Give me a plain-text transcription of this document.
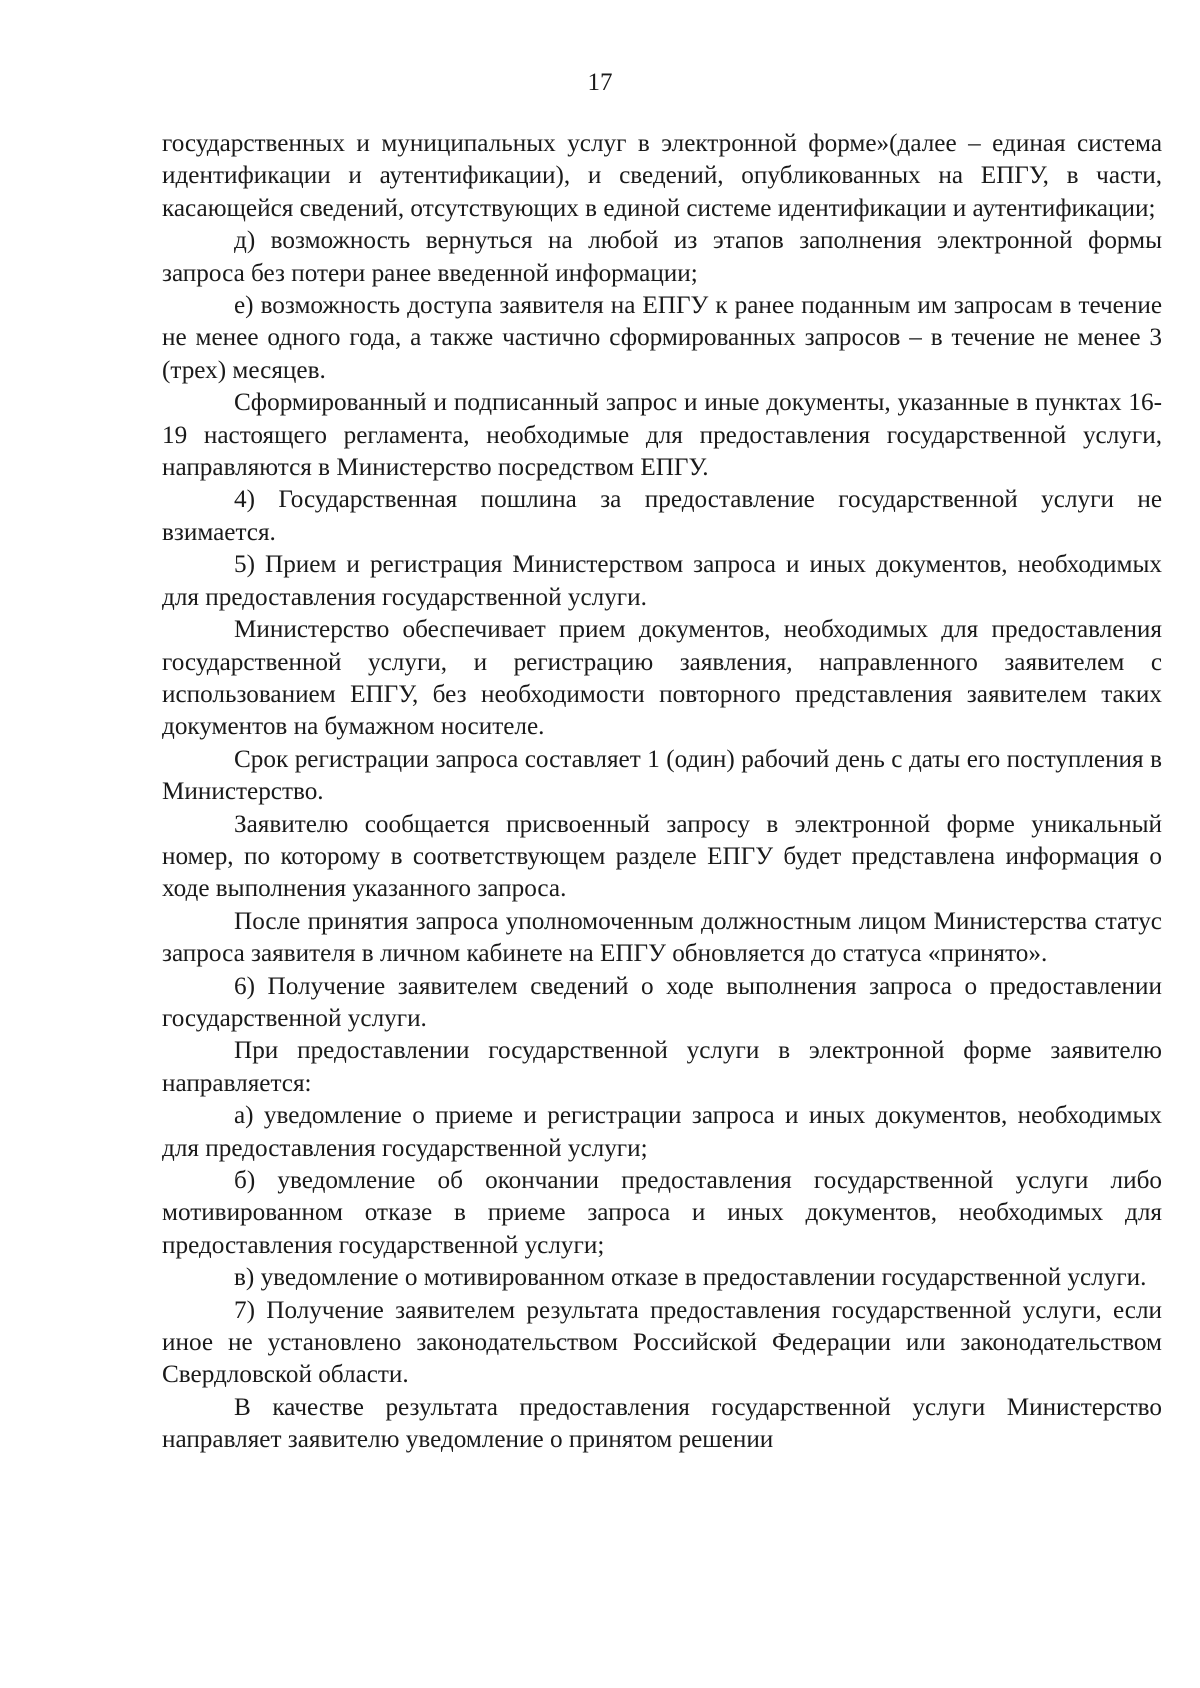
17

государственных и муниципальных услуг в электронной форме»(далее – единая система идентификации и аутентификации), и сведений, опубликованных на ЕПГУ, в части, касающейся сведений, отсутствующих в единой системе идентификации и аутентификации;

д) возможность вернуться на любой из этапов заполнения электронной формы запроса без потери ранее введенной информации;

е) возможность доступа заявителя на ЕПГУ к ранее поданным им запросам в течение не менее одного года, а также частично сформированных запросов – в течение не менее 3 (трех) месяцев.

Сформированный и подписанный запрос и иные документы, указанные в пунктах 16-19 настоящего регламента, необходимые для предоставления государственной услуги, направляются в Министерство посредством ЕПГУ.

4) Государственная пошлина за предоставление государственной услуги не взимается.

5) Прием и регистрация Министерством запроса и иных документов, необходимых для предоставления государственной услуги.

Министерство обеспечивает прием документов, необходимых для предоставления государственной услуги, и регистрацию заявления, направленного заявителем с использованием ЕПГУ, без необходимости повторного представления заявителем таких документов на бумажном носителе.

Срок регистрации запроса составляет 1 (один) рабочий день с даты его поступления в Министерство.

Заявителю сообщается присвоенный запросу в электронной форме уникальный номер, по которому в соответствующем разделе ЕПГУ будет представлена информация о ходе выполнения указанного запроса.

После принятия запроса уполномоченным должностным лицом Министерства статус запроса заявителя в личном кабинете на ЕПГУ обновляется до статуса «принято».

6) Получение заявителем сведений о ходе выполнения запроса о предоставлении государственной услуги.

При предоставлении государственной услуги в электронной форме заявителю направляется:

а) уведомление о приеме и регистрации запроса и иных документов, необходимых для предоставления государственной услуги;

б) уведомление об окончании предоставления государственной услуги либо мотивированном отказе в приеме запроса и иных документов, необходимых для предоставления государственной услуги;

в) уведомление о мотивированном отказе в предоставлении государственной услуги.

7) Получение заявителем результата предоставления государственной услуги, если иное не установлено законодательством Российской Федерации или законодательством Свердловской области.

В качестве результата предоставления государственной услуги Министерство направляет заявителю уведомление о принятом решении
